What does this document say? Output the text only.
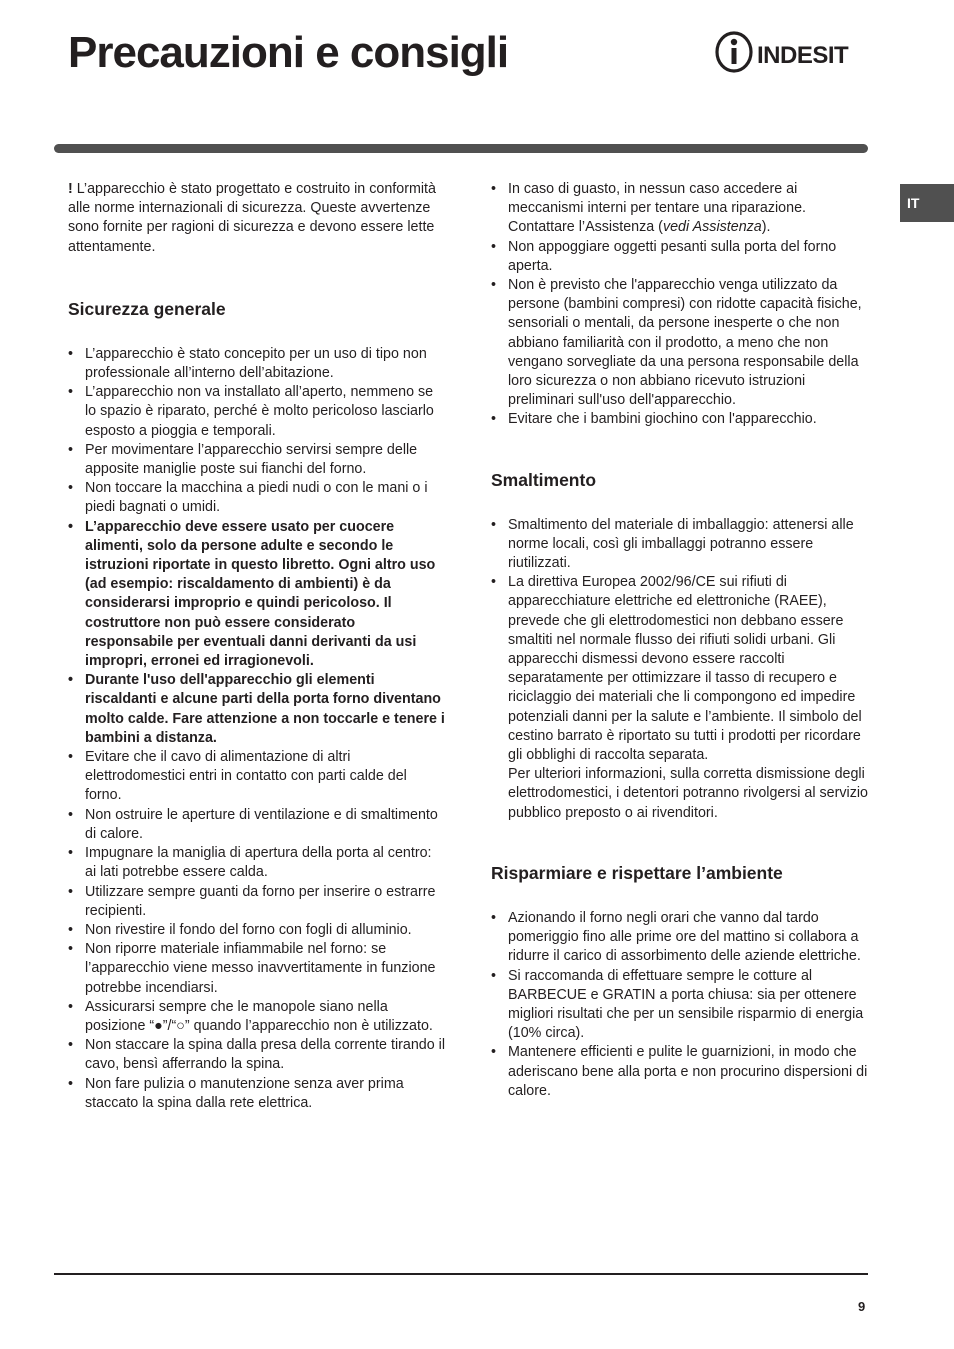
Precauzioni e consigli	INDESIT
IT

! L’apparecchio è stato progettato e costruito in conformità alle norme internazionali di sicurezza. Queste avvertenze sono fornite per ragioni di sicurezza e devono essere lette attentamente.

Sicurezza generale
• L’apparecchio è stato concepito per un uso di tipo non professionale all’interno dell’abitazione.
• L’apparecchio non va installato all’aperto, nemmeno se lo spazio è riparato, perché è molto pericoloso lasciarlo esposto a pioggia e temporali.
• Per movimentare l’apparecchio servirsi sempre delle apposite maniglie poste sui fianchi del forno.
• Non toccare la macchina a piedi nudi o con le mani o i piedi bagnati o umidi.
• L’apparecchio deve essere usato per cuocere alimenti, solo da persone adulte e secondo le istruzioni riportate in questo libretto. Ogni altro uso (ad esempio: riscaldamento di ambienti) è da considerarsi improprio e quindi pericoloso. Il costruttore non può essere considerato responsabile per eventuali danni derivanti da usi impropri, erronei ed irragionevoli.
• Durante l'uso dell'apparecchio gli elementi riscaldanti e alcune parti della porta forno diventano molto calde. Fare attenzione a non toccarle e tenere i bambini a distanza.
• Evitare che il cavo di alimentazione di altri elettrodomestici entri in contatto con parti calde del forno.
• Non ostruire le aperture di ventilazione e di smaltimento di calore.
• Impugnare la maniglia di apertura della porta al centro: ai lati potrebbe essere calda.
• Utilizzare sempre guanti da forno per inserire o estrarre recipienti.
• Non rivestire il fondo del forno con fogli di alluminio.
• Non riporre materiale infiammabile nel forno: se l’apparecchio viene messo inavvertitamente in funzione potrebbe incendiarsi.
• Assicurarsi sempre che le manopole siano nella posizione “●”/“○” quando l’apparecchio non è utilizzato.
• Non staccare la spina dalla presa della corrente tirando il cavo, bensì afferrando la spina.
• Non fare pulizia o manutenzione senza aver prima staccato la spina dalla rete elettrica.
• In caso di guasto, in nessun caso accedere ai meccanismi interni per tentare una riparazione. Contattare l’Assistenza (vedi Assistenza).
• Non appoggiare oggetti pesanti sulla porta del forno aperta.
• Non è previsto che l'apparecchio venga utilizzato da persone (bambini compresi) con ridotte capacità fisiche, sensoriali o mentali, da persone inesperte o che non abbiano familiarità con il prodotto, a meno che non vengano sorvegliate da una persona responsabile della loro sicurezza o non abbiano ricevuto istruzioni preliminari sull'uso dell'apparecchio.
• Evitare che i bambini giochino con l'apparecchio.
Smaltimento
• Smaltimento del materiale di imballaggio: attenersi alle norme locali, così gli imballaggi potranno essere riutilizzati.
• La direttiva Europea 2002/96/CE sui rifiuti di apparecchiature elettriche ed elettroniche (RAEE), prevede che gli elettrodomestici non debbano essere smaltiti nel normale flusso dei rifiuti solidi urbani. Gli apparecchi dismessi devono essere raccolti separatamente per ottimizzare il tasso di recupero e riciclaggio dei materiali che li compongono ed impedire potenziali danni per la salute e l’ambiente. Il simbolo del cestino barrato è riportato su tutti i prodotti per ricordare gli obblighi di raccolta separata.

Per ulteriori informazioni, sulla corretta dismissione degli elettrodomestici, i detentori potranno rivolgersi al servizio pubblico preposto o ai rivenditori.

Risparmiare e rispettare l’ambiente
• Azionando il forno negli orari che vanno dal tardo pomeriggio fino alle prime ore del mattino si collabora a ridurre il carico di assorbimento delle aziende elettriche.
• Si raccomanda di effettuare sempre le cotture al BARBECUE e GRATIN a porta chiusa: sia per ottenere migliori risultati che per un sensibile risparmio di energia (10% circa).
• Mantenere efficienti e pulite le guarnizioni, in modo che aderiscano bene alla porta e non procurino dispersioni di calore.
9
